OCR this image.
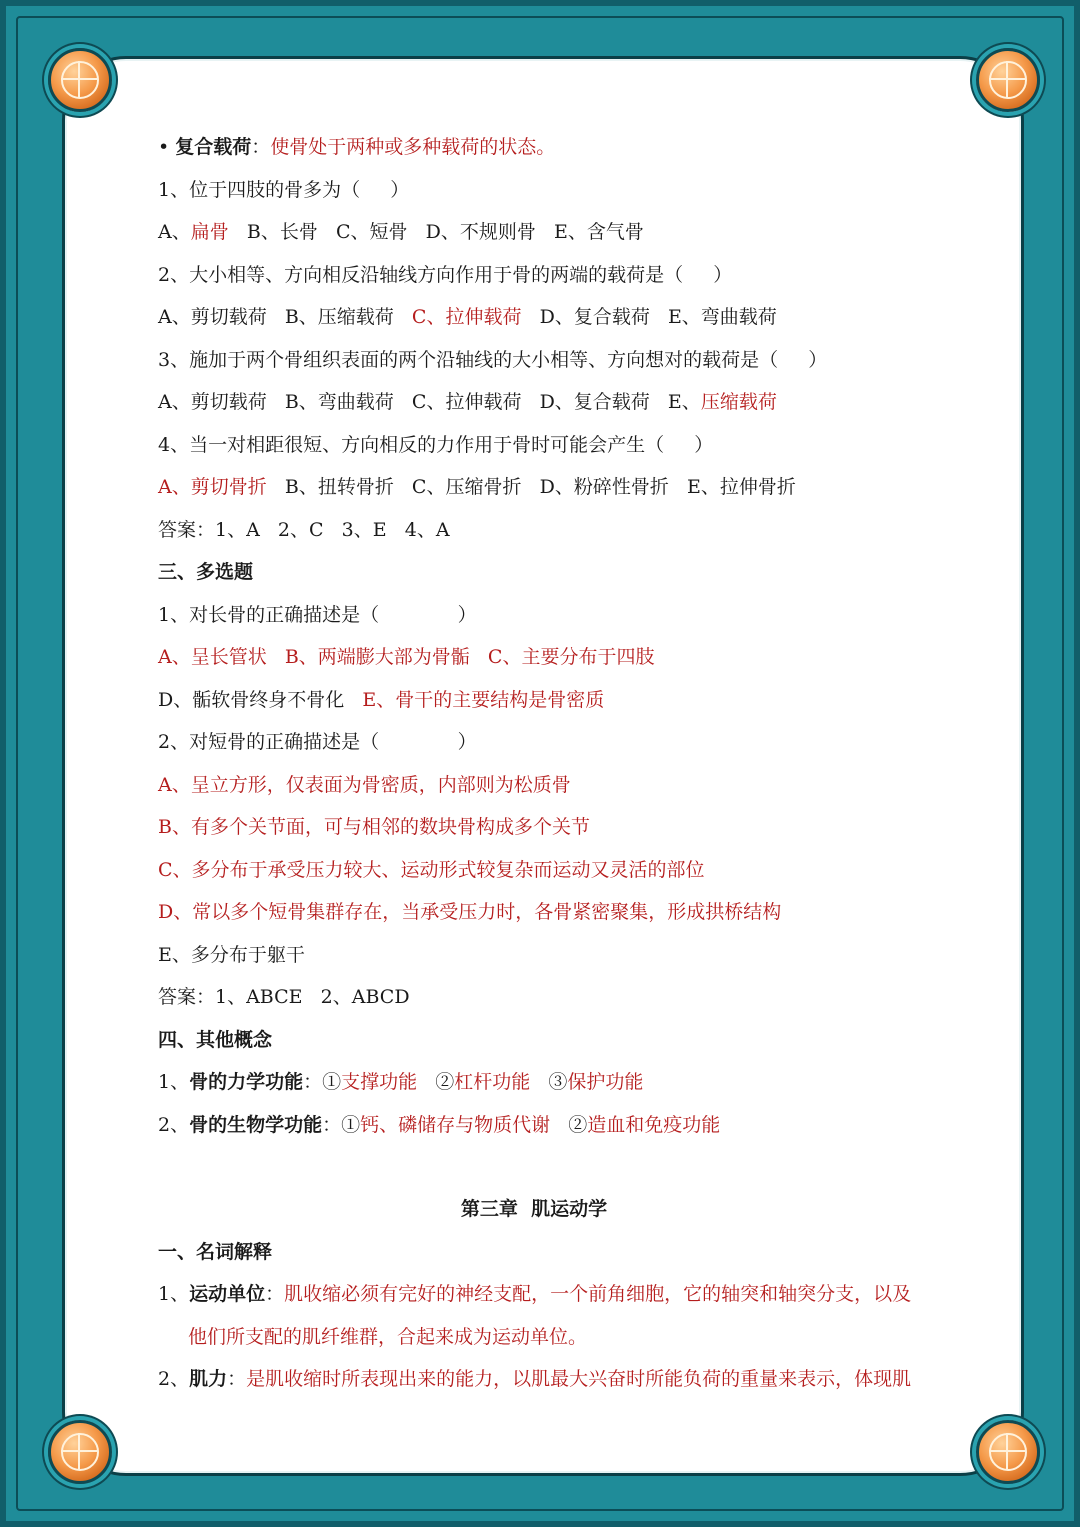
• 复合载荷：使骨处于两种或多种载荷的状态。
1、位于四肢的骨多为（     ）
A、扁骨   B、长骨   C、短骨   D、不规则骨   E、含气骨
2、大小相等、方向相反沿轴线方向作用于骨的两端的载荷是（     ）
A、剪切载荷   B、压缩载荷   C、拉伸载荷   D、复合载荷   E、弯曲载荷
3、施加于两个骨组织表面的两个沿轴线的大小相等、方向想对的载荷是（     ）
A、剪切载荷   B、弯曲载荷   C、拉伸载荷   D、复合载荷   E、压缩载荷
4、当一对相距很短、方向相反的力作用于骨时可能会产生（     ）
A、剪切骨折   B、扭转骨折   C、压缩骨折   D、粉碎性骨折   E、拉伸骨折
答案：1、A   2、C   3、E   4、A
三、多选题
1、对长骨的正确描述是（             ）
A、呈长管状   B、两端膨大部为骨骺   C、主要分布于四肢
D、骺软骨终身不骨化   E、骨干的主要结构是骨密质
2、对短骨的正确描述是（             ）
A、呈立方形，仅表面为骨密质，内部则为松质骨
B、有多个关节面，可与相邻的数块骨构成多个关节
C、多分布于承受压力较大、运动形式较复杂而运动又灵活的部位
D、常以多个短骨集群存在，当承受压力时，各骨紧密聚集，形成拱桥结构
E、多分布于躯干
答案：1、ABCE   2、ABCD
四、其他概念
1、骨的力学功能：①支撑功能   ②杠杆功能   ③保护功能
2、骨的生物学功能：①钙、磷储存与物质代谢   ②造血和免疫功能
第三章  肌运动学
一、名词解释
1、运动单位：肌收缩必须有完好的神经支配，一个前角细胞，它的轴突和轴突分支，以及
他们所支配的肌纤维群，合起来成为运动单位。
2、肌力：是肌收缩时所表现出来的能力，以肌最大兴奋时所能负荷的重量来表示，体现肌
